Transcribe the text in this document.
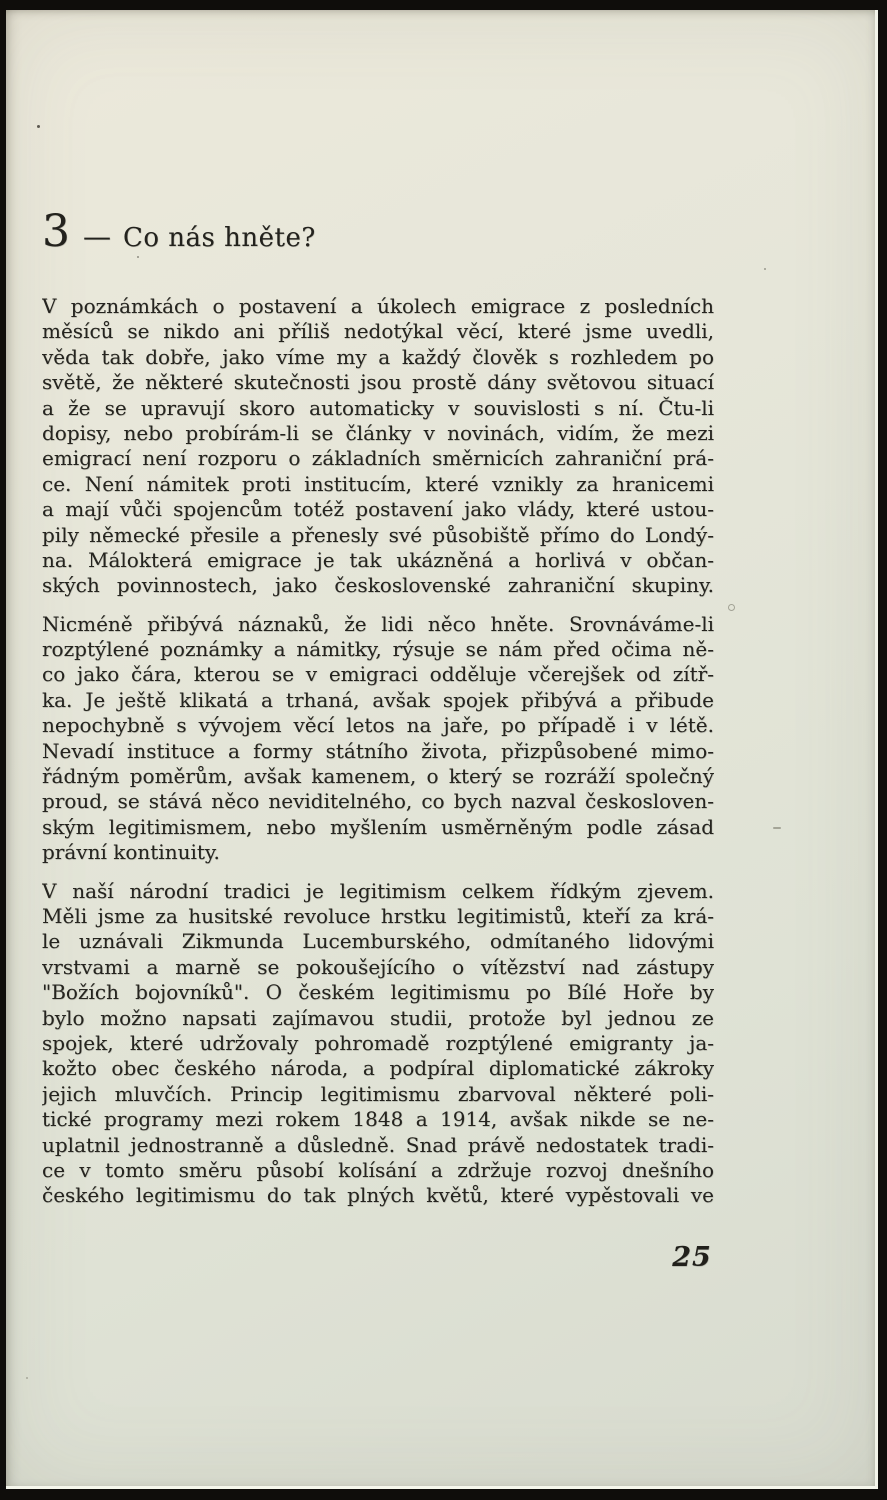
3 — Co nás hněte?
V poznámkách o postavení a úkolech emigrace z posledních
měsíců se nikdo ani příliš nedotýkal věcí, které jsme uvedli,
věda tak dobře, jako víme my a každý člověk s rozhledem po
světě, že některé skutečnosti jsou prostě dány světovou situací
a že se upravují skoro automaticky v souvislosti s ní. Čtu-li
dopisy, nebo probírám-li se články v novinách, vidím, že mezi
emigrací není rozporu o základních směrnicích zahraniční prá-
ce. Není námitek proti institucím, které vznikly za hranicemi
a mají vůči spojencům totéž postavení jako vlády, které ustou-
pily německé přesile a přenesly své působiště přímo do Londý-
na. Málokterá emigrace je tak ukázněná a horlivá v občan-
ských povinnostech, jako československé zahraniční skupiny.
Nicméně přibývá náznaků, že lidi něco hněte. Srovnáváme-li
rozptýlené poznámky a námitky, rýsuje se nám před očima ně-
co jako čára, kterou se v emigraci odděluje včerejšek od zítř-
ka. Je ještě klikatá a trhaná, avšak spojek přibývá a přibude
nepochybně s vývojem věcí letos na jaře, po případě i v létě.
Nevadí instituce a formy státního života, přizpůsobené mimo-
řádným poměrům, avšak kamenem, o který se rozráží společný
proud, se stává něco neviditelného, co bych nazval českosloven-
ským legitimismem, nebo myšlením usměrněným podle zásad
právní kontinuity.
V naší národní tradici je legitimism celkem řídkým zjevem.
Měli jsme za husitské revoluce hrstku legitimistů, kteří za krá-
le uznávali Zikmunda Lucemburského, odmítaného lidovými
vrstvami a marně se pokoušejícího o vítězství nad zástupy
"Božích bojovníků". O českém legitimismu po Bílé Hoře by
bylo možno napsati zajímavou studii, protože byl jednou ze
spojek, které udržovaly pohromadě rozptýlené emigranty ja-
kožto obec českého národa, a podpíral diplomatické zákroky
jejich mluvčích. Princip legitimismu zbarvoval některé poli-
tické programy mezi rokem 1848 a 1914, avšak nikde se ne-
uplatnil jednostranně a důsledně. Snad právě nedostatek tradi-
ce v tomto směru působí kolísání a zdržuje rozvoj dnešního
českého legitimismu do tak plných květů, které vypěstovali ve
25
